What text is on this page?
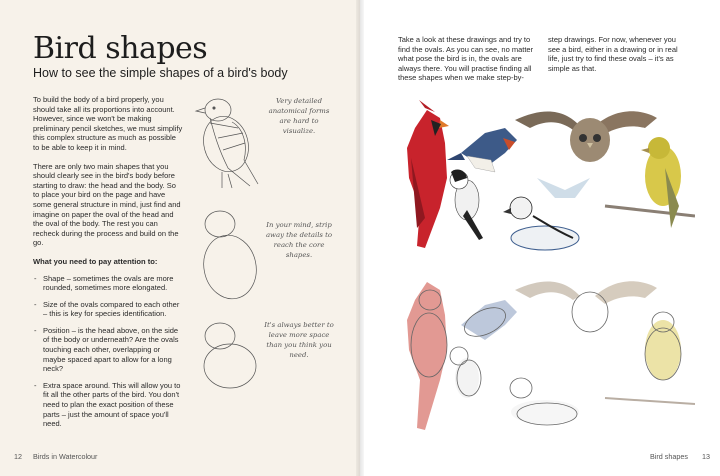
Bird shapes
How to see the simple shapes of a bird's body

To build the body of a bird properly, you should take all its proportions into account. However, since we won't be making preliminary pencil sketches, we must simplify this complex structure as much as possible to be able to keep it in mind.

There are only two main shapes that you should clearly see in the bird's body before starting to draw: the head and the body. So to place your bird on the page and have some general structure in mind, just find and imagine on paper the oval of the head and the oval of the body. The rest you can recheck during the process and build on the go.

What you need to pay attention to:
- Shape – sometimes the ovals are more rounded, sometimes more elongated.
- Size of the ovals compared to each other – this is key for species identification.
- Position – is the head above, on the side of the body or underneath? Are the ovals touching each other, overlapping or maybe spaced apart to allow for a long neck?
- Extra space around. This will allow you to fit all the other parts of the bird. You don't need to plan the exact position of these parts – just the amount of space you'll need.
Very detailed anatomical forms are hard to visualize.
In your mind, strip away the details to reach the core shapes.
It's always better to leave more space than you think you need.
12 Birds in Watercolour
Take a look at these drawings and try to find the ovals. As you can see, no matter what pose the bird is in, the ovals are always there. You will practise finding all these shapes when we make step-by-
step drawings. For now, whenever you see a bird, either in a drawing or in real life, just try to find these ovals – it's as simple as that.
Bird shapes 13
